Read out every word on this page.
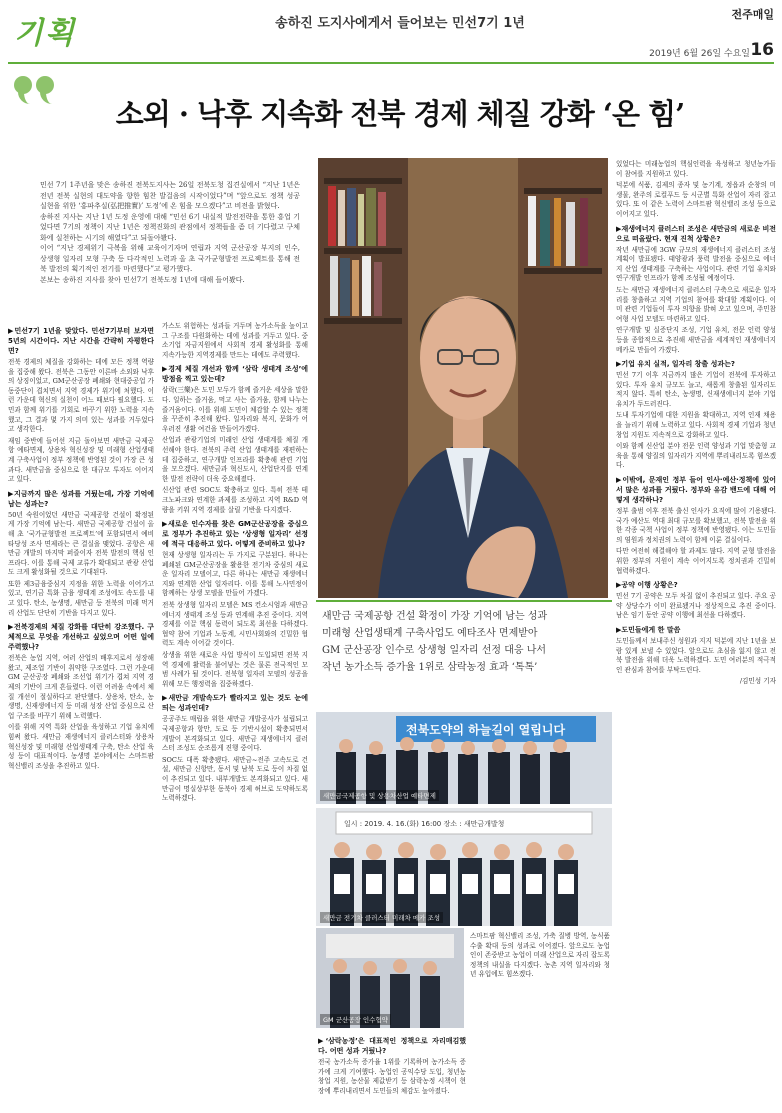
기획	송하진 도지사에게서 들어보는 민선7기 1년
전주매일
2019년 6월 26일 수요일 16
소외 · 낙후 지속화 전북 경제 체질 강화 ‘온 힘’

민선 7기 1주년을 맞은 송하진 전북도지사는 26일 전북도청 집견실에서 “지난 1년은 전년 전북 실현의 대도약을 향한 힘찬 발걸음의 시작이었다”며 “앞으로도 정책 성공 실현을 위한 ‘홍파추실(弘把推實)’ 도정’에 온 힘을 모으겠다”고 비전을 밝혔다.

송하진 지사는 지난 1년 도정 운영에 대해 “민선 6기 내실적 발전전략을 통한 흥업 기었다면 7기의 정책이 지난 1년은 정책진화의 관점에서 정책들을 좀 더 기다렸고 구체화에 실천하는 시기의 해였다”고 되돌아봤다.

이어 “지난 경제위기 극복을 위해 교육이기자며 연립과 지역 군산공장 부지의 인수, 상생형 일자리 모형 구축 등 다각적인 노력과 올 초 국가균형발전 프로젝트를 통해 전북 발전의 획기적인 전기를 마련했다”고 평가했다.

본보는 송하진 지사를 찾아 민선7기 전북도정 1년에 대해 들어봤다.

새만금 국제공항 건설 확정이 가장 기억에 남는 성과

미래형 산업생태계 구축사업도 예타조사 면제받아

GM 군산공장 인수로 상생형 일자리 선정 대응 나서

작년 농가소득 증가율 1위로 삼락농정 효과 ‘톡톡’

전북도약의 하늘길이 열립니다
새만금국제공항 및 상용차산업 예타면제
일시 : 2019. 4. 16.(화) 16:00 장소 : 새만금개발청
새만금 전기차 클러스터 미래차 메카 조성
GM 군산공장 인수협약

▶민선7기 1년을 맞았다. 민선7기부터 보자면 5년의 시간이다. 지난 시간을 간략히 자평한다면?

전북 경제의 체질을 강화하는 데에 모든 정책 역량을 집중해 왔다. 전북은 그동안 이른바 소외와 낙후의 상징이었고, GM군산공장 폐쇄와 현대중공업 가동중단이 겹치면서 지역 경제가 위기에 처했다. 이런 가운데 혁신의 실천이 어느 때보다 필요했다. 도민과 함께 위기를 기회로 바꾸기 위한 노력을 지속했고, 그 결과 몇 가지 의미 있는 성과를 거두었다고 생각한다.

재임 중반에 들어선 지금 돌아보면 새만금 국제공항 예타면제, 상용차 혁신성장 및 미래형 산업생태계 구축사업이 정부 정책에 반영된 것이 가장 큰 성과다. 새만금을 중심으로 한 대규모 투자도 이어지고 있다.

▶지금까지 많은 성과를 거뒀는데, 가장 기억에 남는 성과는?

50년 숙원이었던 새만금 국제공항 건설이 확정된 게 가장 기억에 남는다. 새만금 국제공항 건설이 올해 초 ‘국가균형발전 프로젝트’에 포함되면서 예비타당성 조사 면제라는 큰 결실을 맺었다. 공항은 새만금 개발의 마지막 퍼즐이자 전북 발전의 핵심 인프라다. 이를 통해 국제 교류가 확대되고 관광 산업도 크게 활성화될 것으로 기대된다.

또한 제3금융중심지 지정을 위한 노력을 이어가고 있고, 연기금 특화 금융 생태계 조성에도 속도를 내고 있다. 탄소, 농생명, 새만금 등 전북의 미래 먹거리 산업도 단단히 기반을 다지고 있다.

▶전북경제의 체질 강화를 대단히 강조했다. 구체적으로 무엇을 개선하고 싶었으며 어떤 일에 주력했나?

전북은 농업 지역, 여러 산업의 배후지로서 성장해 왔고, 제조업 기반이 취약한 구조였다. 그런 가운데 GM 군산공장 폐쇄와 조선업 위기가 겹쳐 지역 경제의 기반이 크게 흔들렸다. 이런 어려움 속에서 체질 개선이 절실하다고 판단했다. 상용차, 탄소, 농생명, 신재생에너지 등 미래 성장 산업 중심으로 산업 구조를 바꾸기 위해 노력했다.

이를 위해 지역 특화 산업을 육성하고 기업 유치에 힘써 왔다. 새만금 재생에너지 클러스터와 상용차 혁신성장 및 미래형 산업생태계 구축, 탄소 산업 육성 등이 대표적이다. 농생명 분야에서는 스마트팜 혁신밸리 조성을 추진하고 있다.

가스도 위험하는 성과들 거두며 농가소득을 높이고 그 구조를 다원화하는 데에 성과를 거두고 있다. 중소기업 자금지원에서 사회적 경제 활성화를 통해 지속가능한 지역경제를 만드는 데에도 주력했다.

▶경제 체질 개선과 함께 ‘삼락 생태계 조성’에 방점을 찍고 있는데?

삼락(三樂)은 도민 모두가 함께 즐거운 세상을 말한다. 일하는 즐거움, 먹고 사는 즐거움, 함께 나누는 즐거움이다. 이를 위해 도민이 체감할 수 있는 정책을 꾸준히 추진해 왔다. 일자리와 복지, 문화가 어우러진 생활 여건을 만들어가겠다.

산업과 관광기업의 미래인 산업 생태계를 체질 개선해야 한다. 전북의 주력 산업 생태계를 재편하는 데 집중하고, 연구개발 인프라를 확충해 관련 기업을 모으겠다. 새만금과 혁신도시, 산업단지를 연계한 발전 전략이 더욱 중요해졌다.

신산업 관련 SOC도 확충하고 있다. 특히 전북 테크노파크와 연계한 과제를 조성하고 지역 R&D 역량을 키워 지역 경제를 살릴 기반을 다지겠다.

▶새로운 인수자를 찾은 GM군산공장을 중심으로 정부가 추진하고 있는 ‘상생형 일자리’ 선정에 적극 대응하고 있다. 어떻게 준비하고 있나?

현재 상생형 일자리는 두 가지로 구분된다. 하나는 폐쇄된 GM군산공장을 활용한 전기차 중심의 새로운 일자리 모델이고, 다른 하나는 새만금 재생에너지와 연계한 산업 일자리다. 이를 통해 노사민정이 함께하는 상생 모델을 만들어 가겠다.

전북 상생형 일자리 모델은 MS 컨소시엄과 새만금 에너지 생태계 조성 등과 연계해 추진 중이다. 지역 경제를 이끌 핵심 동력이 되도록 최선을 다하겠다. 협약 참여 기업과 노동계, 시민사회와의 긴밀한 협력도 계속 이어갈 것이다.

상생을 위한 새로운 사업 방식이 도입되면 전북 지역 경제에 활력을 불어넣는 것은 물론 전국적인 모범 사례가 될 것이다. 전북형 일자리 모델의 성공을 위해 모든 행정력을 집중하겠다.

▶새만금 개발속도가 빨라지고 있는 것도 눈에 띄는 성과인데?

공공주도 매립을 위한 새만금 개발공사가 설립되고 국제공항과 항만, 도로 등 기반시설이 확충되면서 개발이 본격화되고 있다. 새만금 재생에너지 클러스터 조성도 순조롭게 진행 중이다.

SOC도 대폭 확충됐다. 새만금~전주 고속도로 건설, 새만금 신항만, 동서 및 남북 도로 등이 차질 없이 추진되고 있다. 내부개발도 본격화되고 있다. 새만금이 명실상부한 동북아 경제 허브로 도약하도록 노력하겠다.

▶‘삼락농정’은 대표적인 정책으로 자리매김했다. 어떤 성과 거뒀나?

전국 농가소득 증가율 1위를 기록하며 농가소득 증가에 크게 기여했다. 농업인 공익수당 도입, 청년농 창업 지원, 농산물 제값받기 등 삼락농정 시책이 현장에 뿌리내리면서 도민들의 체감도 높아졌다.

스마트팜 혁신밸리 조성, 가축 질병 방역, 농식품 수출 확대 등의 성과로 이어졌다. 앞으로도 농업인이 존중받고 농업이 미래 산업으로 자리 잡도록 정책의 내실을 다지겠다. 농촌 지역 일자리와 청년 유입에도 힘쓰겠다.

있었다는 미래농업의 핵심인력을 육성하고 청년농가들이 참여를 지원하고 있다.

덕분에 식품, 김제의 종자 및 농기계, 정읍과 순창의 미생물, 완주의 로컬푸드 등 시군별 특화 산업이 자리 잡고 있다. 또 이 같은 노력이 스마트팜 혁신밸리 조성 등으로 이어지고 있다.

▶재생에너지 클러스터 조성은 새만금의 새로운 비전으로 떠올랐다. 현재 진척 상황은?

작년 새만금에 3GW 규모의 재생에너지 클러스터 조성 계획이 발표됐다. 태양광과 풍력 발전을 중심으로 에너지 산업 생태계를 구축하는 사업이다. 관련 기업 유치와 연구개발 인프라가 함께 조성될 예정이다.

도는 새만금 재생에너지 클러스터 구축으로 새로운 일자리를 창출하고 지역 기업의 참여를 확대할 계획이다. 이미 관련 기업들이 투자 의향을 밝혀 오고 있으며, 주민참여형 사업 모델도 마련하고 있다.

연구개발 및 실증단지 조성, 기업 유치, 전문 인력 양성 등을 종합적으로 추진해 새만금을 세계적인 재생에너지 메카로 만들어 가겠다.

▶기업 유치 실적, 일자리 창출 성과는?

민선 7기 이후 지금까지 많은 기업이 전북에 투자하고 있다. 투자 유치 규모도 늘고, 새롭게 창출된 일자리도 적지 않다. 특히 탄소, 농생명, 신재생에너지 분야 기업 유치가 두드러진다.

도내 투자기업에 대한 지원을 확대하고, 지역 인재 채용을 늘리기 위해 노력하고 있다. 사회적 경제 기업과 청년 창업 지원도 지속적으로 강화하고 있다.

이와 함께 신산업 분야 전문 인력 양성과 기업 맞춤형 교육을 통해 양질의 일자리가 지역에 뿌리내리도록 힘쓰겠다.

▶이밖에, 문재인 정부 들어 인사·예산·정책에 있어서 많은 성과를 거뒀다. 정부와 유감 밴드에 대해 어떻게 생각하나?

정부 출범 이후 전북 출신 인사가 요직에 많이 기용됐다. 국가 예산도 역대 최대 규모를 확보했고, 전북 발전을 위한 각종 국책 사업이 정부 정책에 반영됐다. 이는 도민들의 염원과 정치권의 노력이 함께 이룬 결실이다.

다만 여전히 해결해야 할 과제도 많다. 지역 균형 발전을 위한 정부의 지원이 계속 이어지도록 정치권과 긴밀히 협력하겠다.

▶공약 이행 상황은?

민선 7기 공약은 모두 차질 없이 추진되고 있다. 주요 공약 상당수가 이미 완료됐거나 정상적으로 추진 중이다. 남은 임기 동안 공약 이행에 최선을 다하겠다.

▶도민들에게 한 말씀

도민들께서 보내주신 성원과 지지 덕분에 지난 1년을 보람 있게 보낼 수 있었다. 앞으로도 초심을 잃지 않고 전북 발전을 위해 더욱 노력하겠다. 도민 여러분의 적극적인 관심과 참여를 부탁드린다.

/김민성 기자
